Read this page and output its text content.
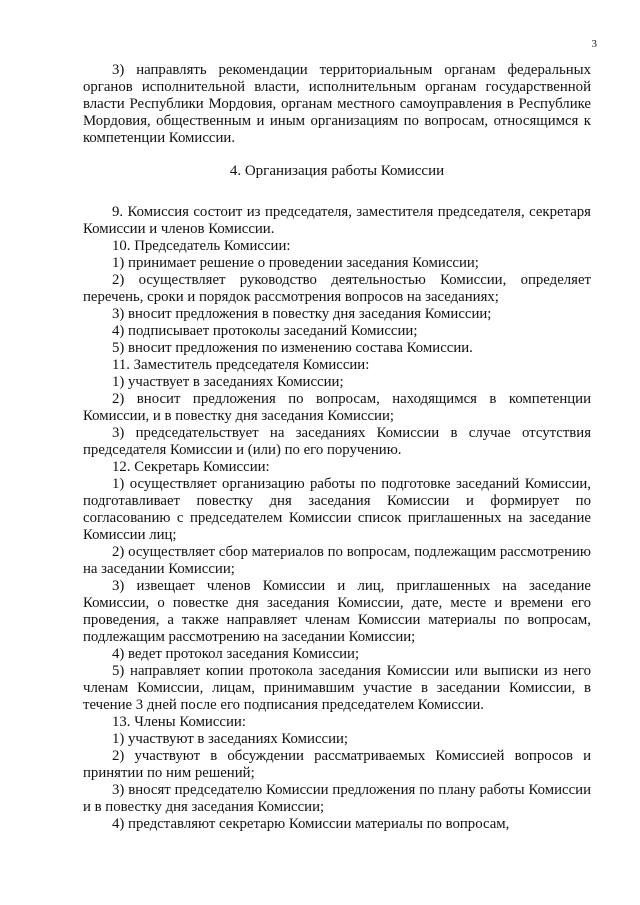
3

3) направлять рекомендации территориальным органам федеральных органов исполнительной власти, исполнительным органам государственной власти Республики Мордовия, органам местного самоуправления в Республике Мордовия, общественным и иным организациям по вопросам, относящимся к компетенции Комиссии.

4. Организация работы Комиссии

9. Комиссия состоит из председателя, заместителя председателя, секретаря Комиссии и членов Комиссии.

10. Председатель Комиссии:

1) принимает решение о проведении заседания Комиссии;

2) осуществляет руководство деятельностью Комиссии, определяет перечень, сроки и порядок рассмотрения вопросов на заседаниях;

3) вносит предложения в повестку дня заседания Комиссии;

4) подписывает протоколы заседаний Комиссии;

5) вносит предложения по изменению состава Комиссии.

11. Заместитель председателя Комиссии:

1) участвует в заседаниях Комиссии;

2) вносит предложения по вопросам, находящимся в компетенции Комиссии, и в повестку дня заседания Комиссии;

3) председательствует на заседаниях Комиссии в случае отсутствия председателя Комиссии и (или) по его поручению.

12. Секретарь Комиссии:

1) осуществляет организацию работы по подготовке заседаний Комиссии, подготавливает повестку дня заседания Комиссии и формирует по согласованию с председателем Комиссии список приглашенных на заседание Комиссии лиц;

2) осуществляет сбор материалов по вопросам, подлежащим рассмотрению на заседании Комиссии;

3) извещает членов Комиссии и лиц, приглашенных на заседание Комиссии, о повестке дня заседания Комиссии, дате, месте и времени его проведения, а также направляет членам Комиссии материалы по вопросам, подлежащим рассмотрению на заседании Комиссии;

4) ведет протокол заседания Комиссии;

5) направляет копии протокола заседания Комиссии или выписки из него членам Комиссии, лицам, принимавшим участие в заседании Комиссии, в течение 3 дней после его подписания председателем Комиссии.

13. Члены Комиссии:

1) участвуют в заседаниях Комиссии;

2) участвуют в обсуждении рассматриваемых Комиссией вопросов и принятии по ним решений;

3) вносят председателю Комиссии предложения по плану работы Комиссии и в повестку дня заседания Комиссии;

4) представляют секретарю Комиссии материалы по вопросам,
